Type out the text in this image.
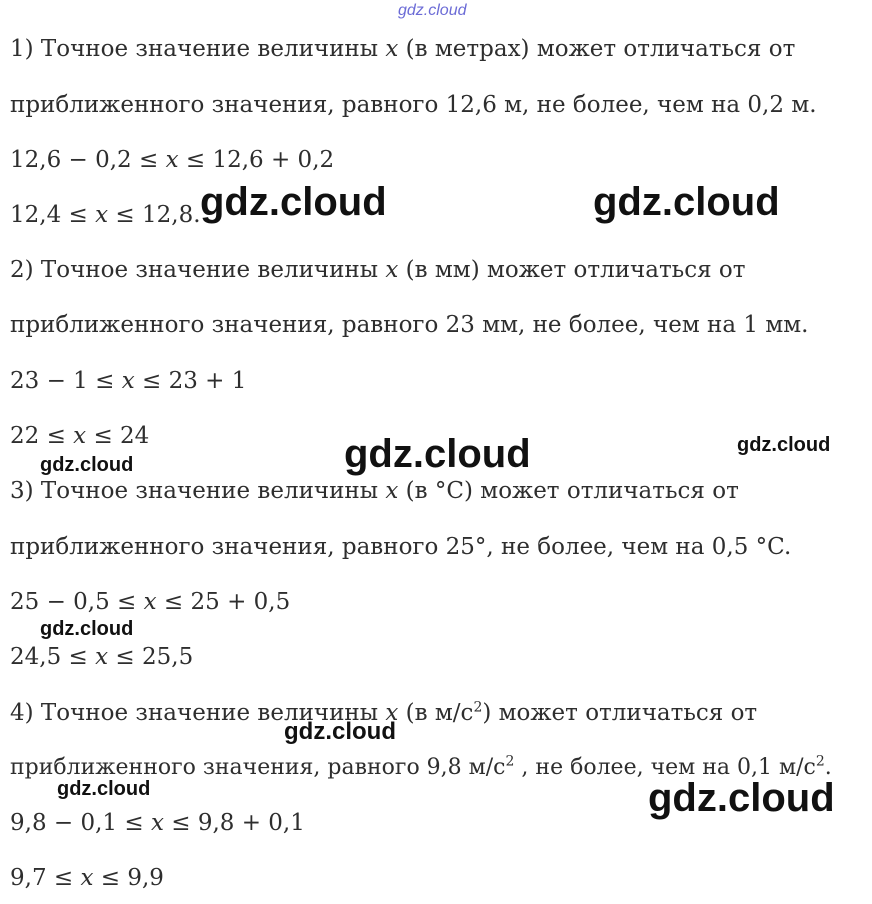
gdz.cloud
1) Точное значение величины x (в метрах) может отличаться от
приближенного значения, равного 12,6 м, не более, чем на 0,2 м.
12,6 − 0,2 ≤ x ≤ 12,6 + 0,2
12,4 ≤ x ≤ 12,8.
2) Точное значение величины x (в мм) может отличаться от
приближенного значения, равного 23 мм, не более, чем на 1 мм.
23 − 1 ≤ x ≤ 23 + 1
22 ≤ x ≤ 24
3) Точное значение величины x (в °C) может отличаться от
приближенного значения, равного 25°, не более, чем на 0,5 °C.
25 − 0,5 ≤ x ≤ 25 + 0,5
24,5 ≤ x ≤ 25,5
4) Точное значение величины x (в $м/с^2$) может отличаться от
приближенного значения, равного 9,8 $м/с^2$ , не более, чем на 0,1 $м/с^2$.
9,8 − 0,1 ≤ x ≤ 9,8 + 0,1
9,7 ≤ x ≤ 9,9
gdz.cloud	gdz.cloud
gdz.cloud	gdz.cloud
gdz.cloud
gdz.cloud
gdz.cloud
gdz.cloud	gdz.cloud
